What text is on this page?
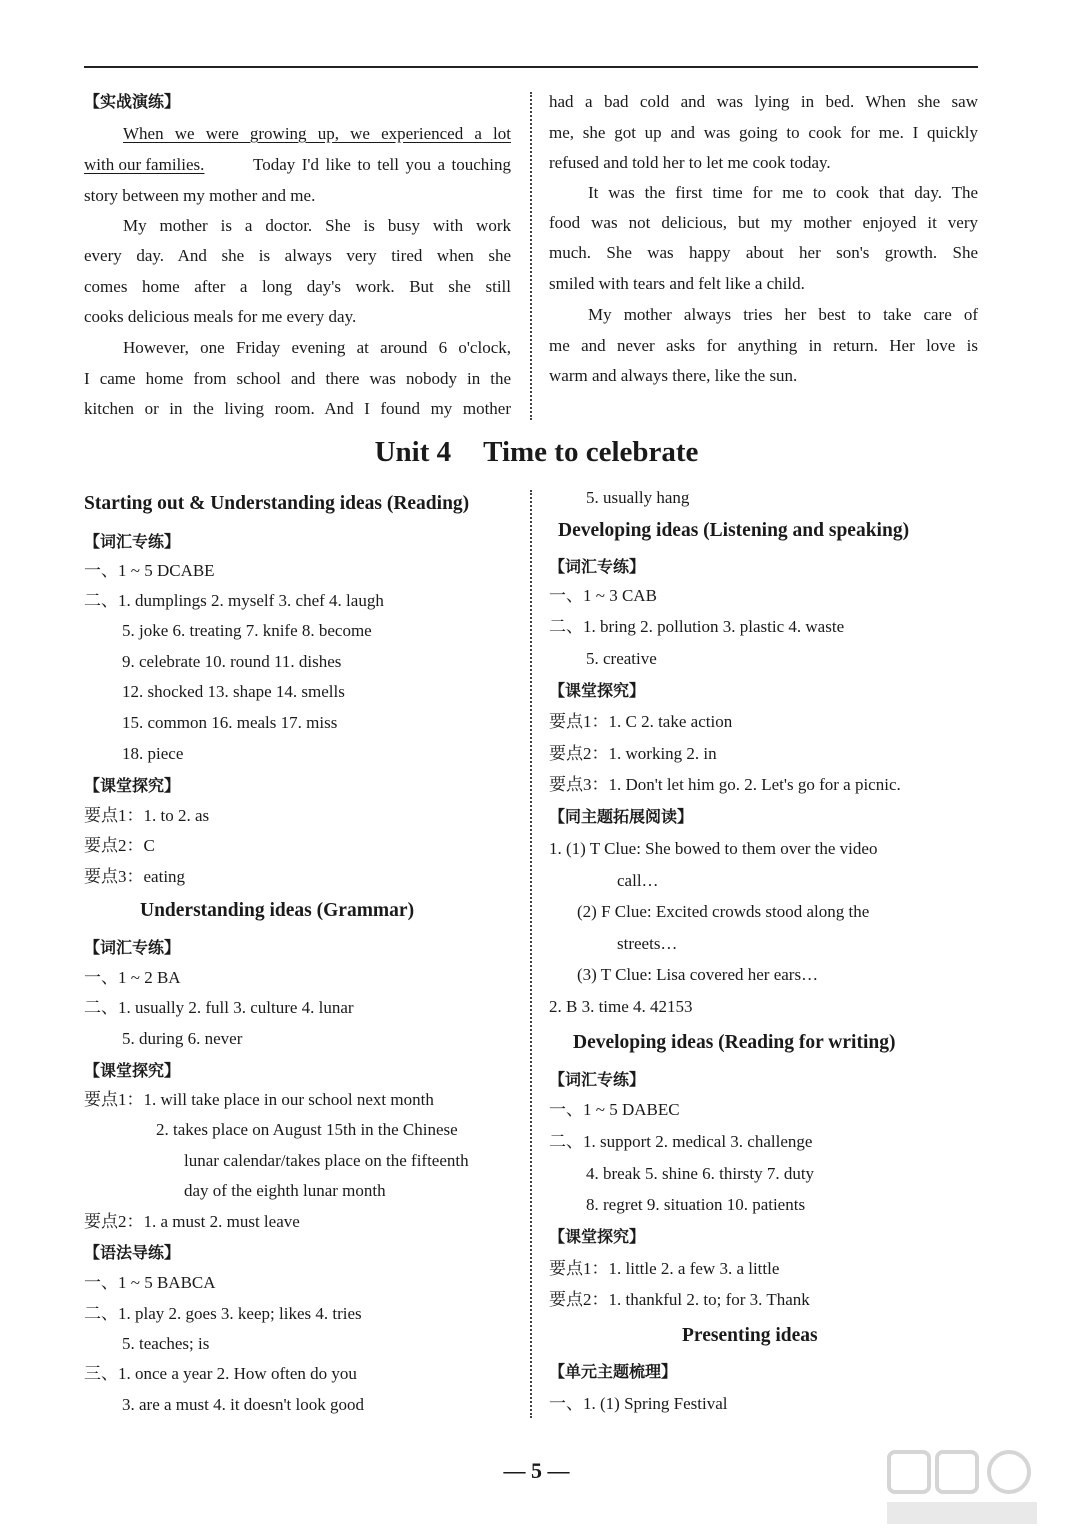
【实战演练】
When we were growing up, we experienced a lot
with our families.	Today I'd like to tell you a touching
story between my mother and me.
My mother is a doctor. She is busy with work
every day. And she is always very tired when she
comes home after a long day's work. But she still
cooks delicious meals for me every day.
However, one Friday evening at around 6 o'clock,
I came home from school and there was nobody in the
kitchen or in the living room. And I found my mother
had a bad cold and was lying in bed. When she saw
me, she got up and was going to cook for me. I quickly
refused and told her to let me cook today.
It was the first time for me to cook that day. The
food was not delicious, but my mother enjoyed it very
much. She was happy about her son's growth. She
smiled with tears and felt like a child.
My mother always tries her best to take care of
me and never asks for anything in return. Her love is
warm and always there, like the sun.
Unit 4 Time to celebrate
Starting out & Understanding ideas (Reading)
【词汇专练】
一、1 ~ 5 DCABE
二、1. dumplings 2. myself 3. chef 4. laugh
5. joke 6. treating 7. knife 8. become
9. celebrate 10. round 11. dishes
12. shocked 13. shape 14. smells
15. common 16. meals 17. miss
18. piece
【课堂探究】
要点1：1. to 2. as
要点2：C
要点3：eating
Understanding ideas (Grammar)
【词汇专练】
一、1 ~ 2 BA
二、1. usually 2. full 3. culture 4. lunar
5. during 6. never
【课堂探究】
要点1：1. will take place in our school next month
2. takes place on August 15th in the Chinese
lunar calendar/takes place on the fifteenth
day of the eighth lunar month
要点2：1. a must 2. must leave
【语法导练】
一、1 ~ 5 BABCA
二、1. play 2. goes 3. keep; likes 4. tries
5. teaches; is
三、1. once a year 2. How often do you
3. are a must 4. it doesn't look good
5. usually hang
Developing ideas (Listening and speaking)
【词汇专练】
一、1 ~ 3 CAB
二、1. bring 2. pollution 3. plastic 4. waste
5. creative
【课堂探究】
要点1：1. C 2. take action
要点2：1. working 2. in
要点3：1. Don't let him go. 2. Let's go for a picnic.
【同主题拓展阅读】
1. (1) T Clue: She bowed to them over the video
call…
(2) F Clue: Excited crowds stood along the
streets…
(3) T Clue: Lisa covered her ears…
2. B 3. time 4. 42153
Developing ideas (Reading for writing)
【词汇专练】
一、1 ~ 5 DABEC
二、1. support 2. medical 3. challenge
4. break 5. shine 6. thirsty 7. duty
8. regret 9. situation 10. patients
【课堂探究】
要点1：1. little 2. a few 3. a little
要点2：1. thankful 2. to; for 3. Thank
Presenting ideas
【单元主题梳理】
一、1. (1) Spring Festival
— 5 —
